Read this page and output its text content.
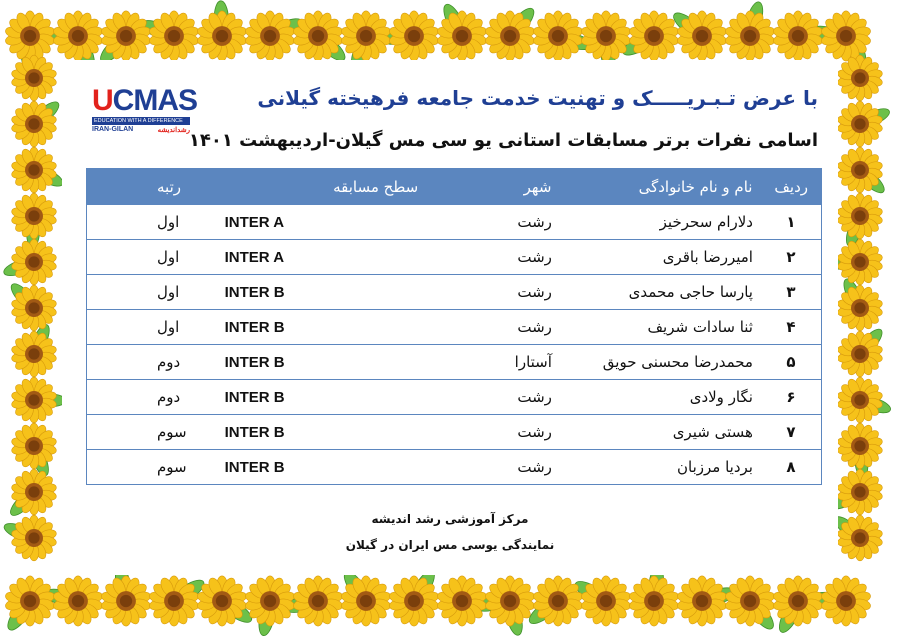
UCMAS
EDUCATION WITH A DIFFERENCE
IRAN-GILAN	رشداندیشه
با عرض تـبـریـــــک و تهنیت خدمت جامعه فرهیخته گیلانی
اسامی نفرات برتر مسابقات استانی یو سی مس گیلان-اردیبهشت ۱۴۰۱
ردیف	نام و نام خانوادگی	شهر	سطح مسابقه	رتبه
۱	دلارام سحرخیز	رشت	INTER A	اول
۲	امیررضا باقری	رشت	INTER A	اول
۳	پارسا حاجی محمدی	رشت	INTER B	اول
۴	ثنا سادات شریف	رشت	INTER B	اول
۵	محمدرضا محسنی حویق	آستارا	INTER B	دوم
۶	نگار ولادی	رشت	INTER B	دوم
۷	هستی شیری	رشت	INTER B	سوم
۸	بردیا مرزبان	رشت	INTER B	سوم
مرکز آموزشی رشد اندیشه
نمایندگی یوسی مس ایران در گیلان
